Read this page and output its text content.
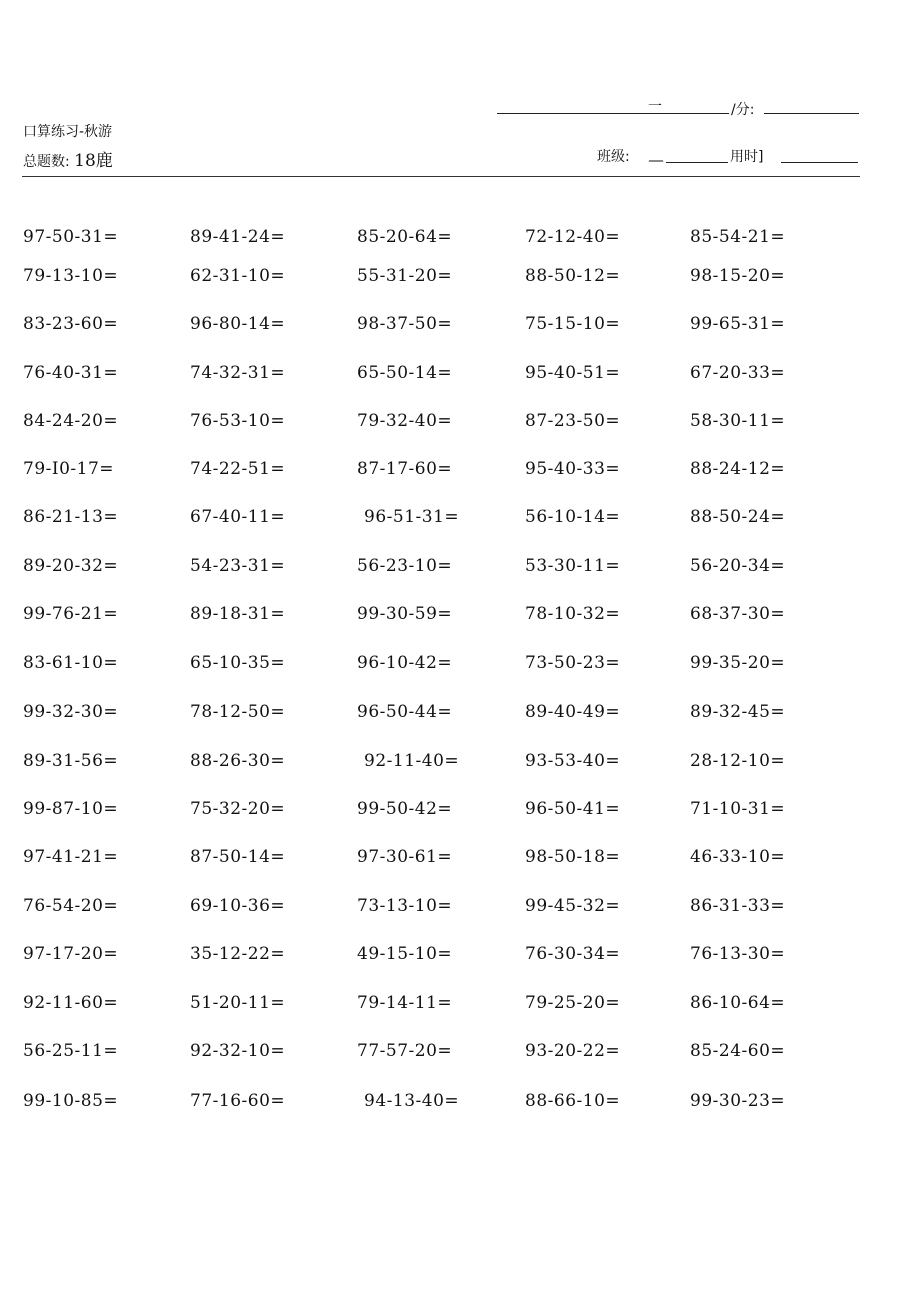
一	/分:
口算练习-秋游
总题数: 18鹿	班级: __	用时]
97-50-31=	89-41-24=	85-20-64=	72-12-40=	85-54-21=
79-13-10=	62-31-10=	55-31-20=	88-50-12=	98-15-20=
83-23-60=	96-80-14=	98-37-50=	75-15-10=	99-65-31=
76-40-31=	74-32-31=	65-50-14=	95-40-51=	67-20-33=
84-24-20=	76-53-10=	79-32-40=	87-23-50=	58-30-11=
79-I0-17=	74-22-51=	87-17-60=	95-40-33=	88-24-12=
86-21-13=	67-40-11=	96-51-31=	56-10-14=	88-50-24=
89-20-32=	54-23-31=	56-23-10=	53-30-11=	56-20-34=
99-76-21=	89-18-31=	99-30-59=	78-10-32=	68-37-30=
83-61-10=	65-10-35=	96-10-42=	73-50-23=	99-35-20=
99-32-30=	78-12-50=	96-50-44=	89-40-49=	89-32-45=
89-31-56=	88-26-30=	92-11-40=	93-53-40=	28-12-10=
99-87-10=	75-32-20=	99-50-42=	96-50-41=	71-10-31=
97-41-21=	87-50-14=	97-30-61=	98-50-18=	46-33-10=
76-54-20=	69-10-36=	73-13-10=	99-45-32=	86-31-33=
97-17-20=	35-12-22=	49-15-10=	76-30-34=	76-13-30=
92-11-60=	51-20-11=	79-14-11=	79-25-20=	86-10-64=
56-25-11=	92-32-10=	77-57-20=	93-20-22=	85-24-60=
99-10-85=	77-16-60=	94-13-40=	88-66-10=	99-30-23=
